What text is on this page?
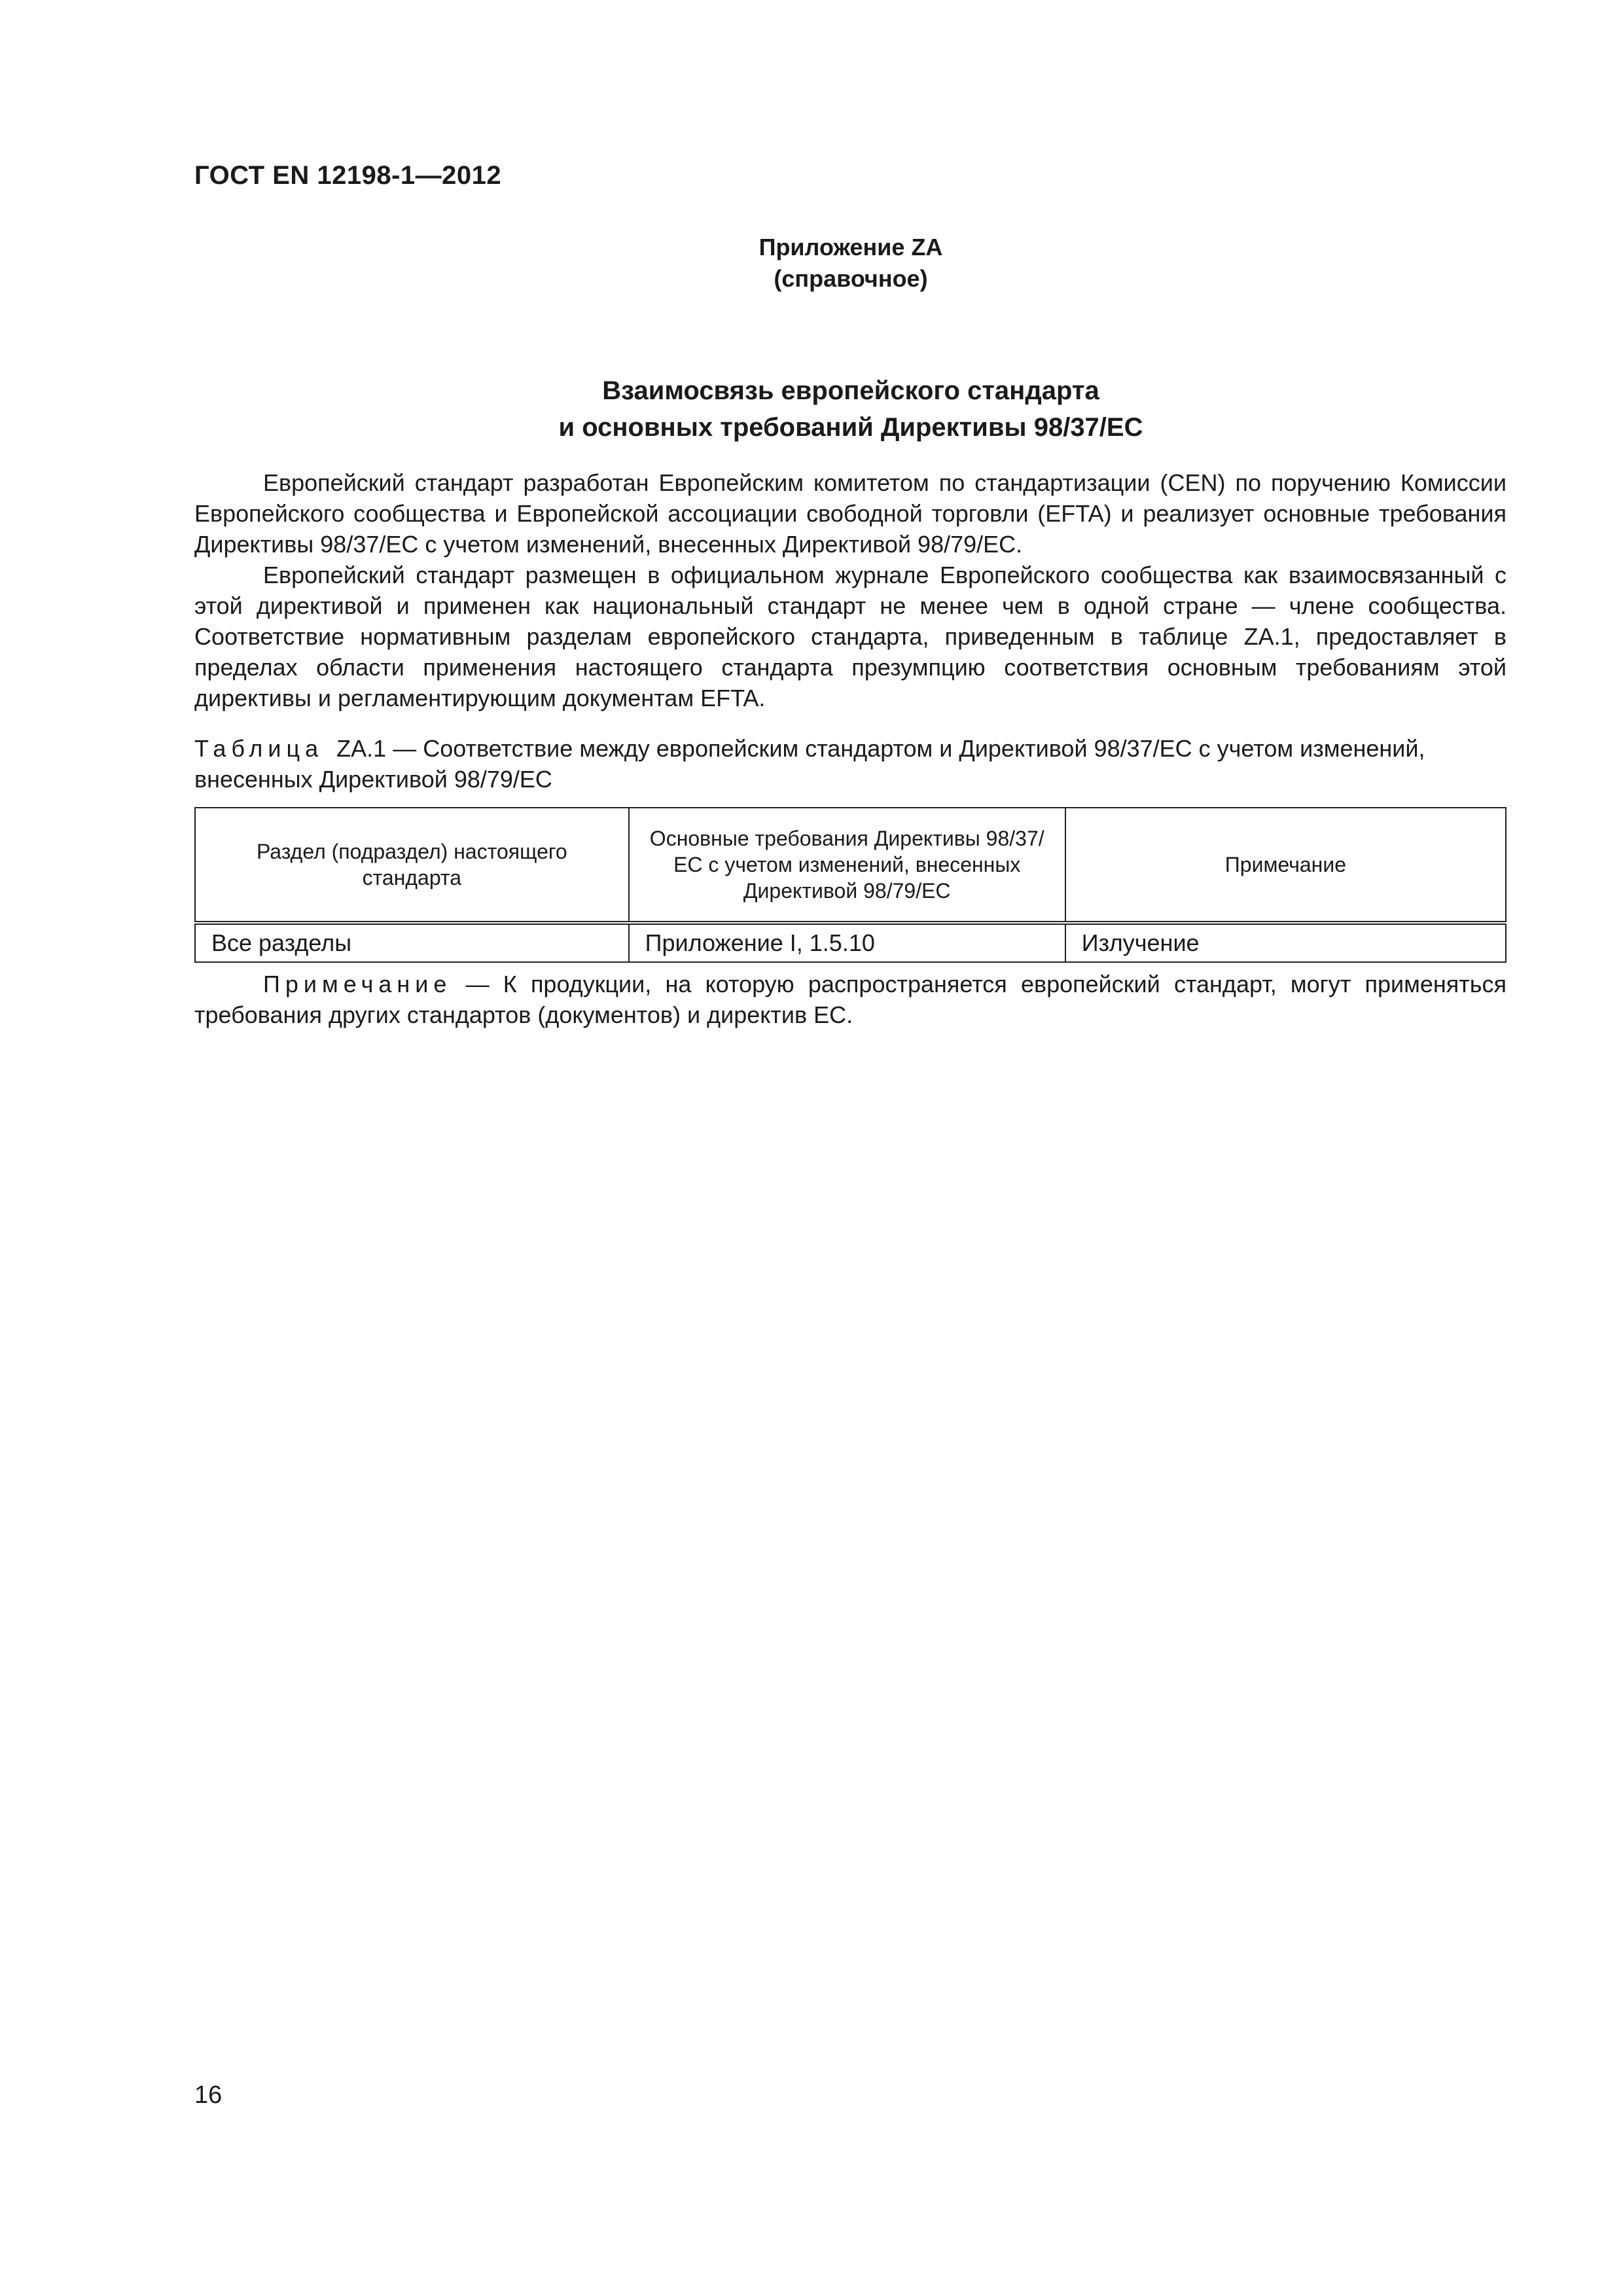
ГОСТ EN 12198-1—2012
Приложение ZA
(справочное)
Взаимосвязь европейского стандарта
и основных требований Директивы 98/37/ЕС

Европейский стандарт разработан Европейским комитетом по стандартизации (CEN) по поручению Комиссии Европейского сообщества и Европейской ассоциации свободной торговли (EFTA) и реализует основные требования Директивы 98/37/ЕС с учетом изменений, внесенных Директивой 98/79/ЕС.

Европейский стандарт размещен в официальном журнале Европейского сообщества как взаимосвязанный с этой директивой и применен как национальный стандарт не менее чем в одной стране — члене сообщества. Соответствие нормативным разделам европейского стандарта, приведенным в таблице ZA.1, предоставляет в пределах области применения настоящего стандарта презумпцию соответствия основным требованиям этой директивы и регламентирующим документам EFTA.

Таблица ZA.1 — Соответствие между европейским стандартом и Директивой 98/37/ЕС с учетом изменений, внесенных Директивой 98/79/ЕС
Раздел (подраздел) настоящего стандарта	Основные требования Директивы 98/37/ЕС с учетом изменений, внесенных Директивой 98/79/ЕС	Примечание
Все разделы	Приложение I, 1.5.10	Излучение
Примечание — К продукции, на которую распространяется европейский стандарт, могут применяться требования других стандартов (документов) и директив ЕС.
16
